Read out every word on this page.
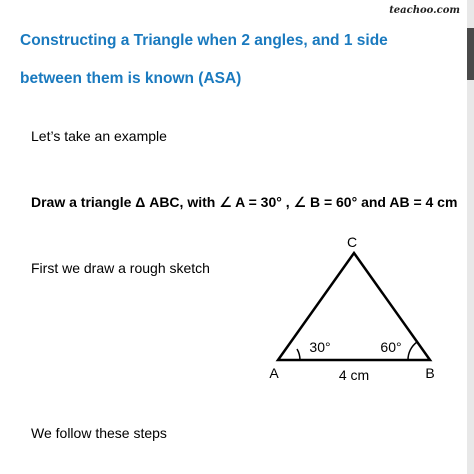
teachoo.com
Constructing a Triangle when 2 angles, and 1 side between them is known (ASA)

Let’s take an example

Draw a triangle Δ ABC, with ∠ A = 30° , ∠ B = 60° and AB = 4 cm

First we draw a rough sketch

C
A	B
30°	60°
4 cm

We follow these steps
